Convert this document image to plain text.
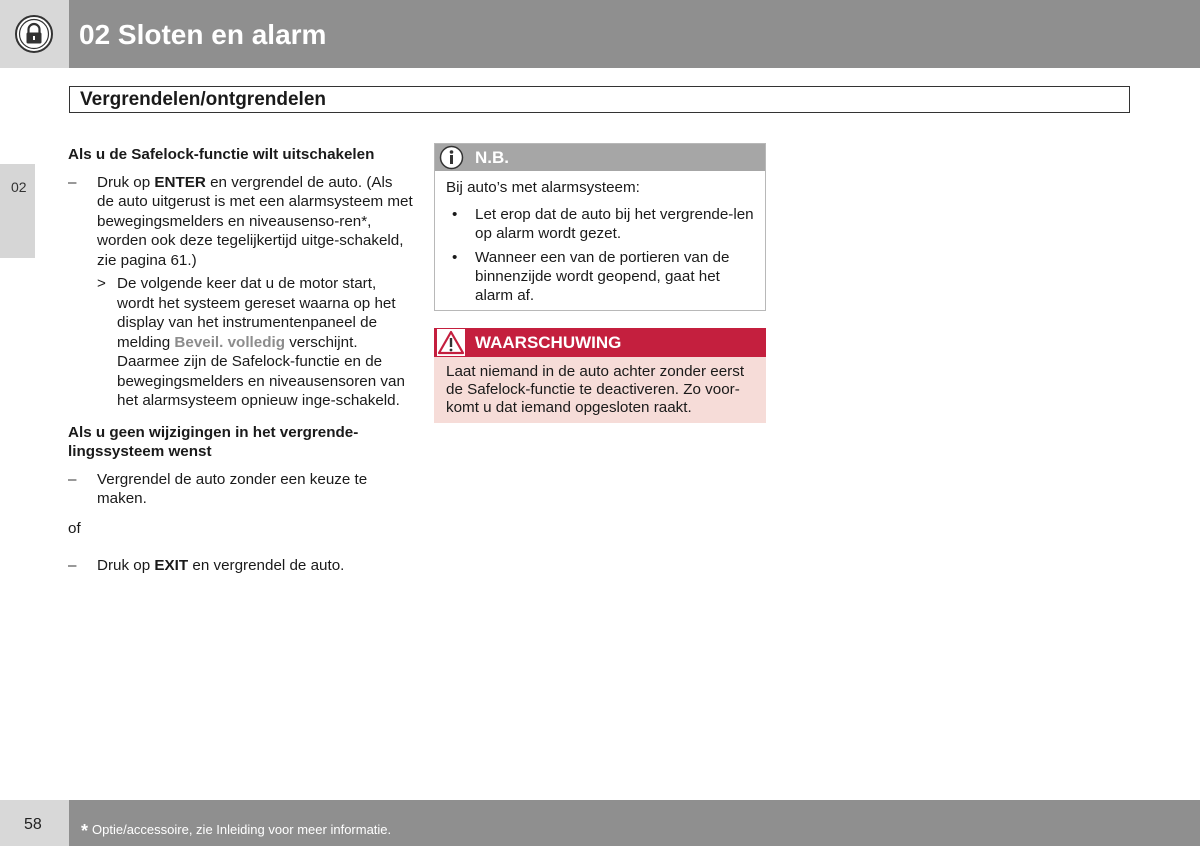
02 Sloten en alarm
Vergrendelen/ontgrendelen
02

Als u de Safelock-functie wilt uitschakelen

– Druk op ENTER en vergrendel de auto. (Als de auto uitgerust is met een alarmsysteem met bewegingsmelders en niveausenso-ren*, worden ook deze tegelijkertijd uitge-schakeld, zie pagina 61.)

> De volgende keer dat u de motor start, wordt het systeem gereset waarna op het display van het instrumentenpaneel de melding Beveil. volledig verschijnt. Daarmee zijn de Safelock-functie en de bewegingsmelders en niveausensoren van het alarmsysteem opnieuw inge-schakeld.

Als u geen wijzigingen in het vergrende-lingssysteem wenst

– Vergrendel de auto zonder een keuze te maken.

of

– Druk op EXIT en vergrendel de auto.

N.B.

Bij auto’s met alarmsysteem:

• Let erop dat de auto bij het vergrende-len op alarm wordt gezet.

• Wanneer een van de portieren van de binnenzijde wordt geopend, gaat het alarm af.

WAARSCHUWING

Laat niemand in de auto achter zonder eerst de Safelock-functie te deactiveren. Zo voor-komt u dat iemand opgesloten raakt.

58 * Optie/accessoire, zie Inleiding voor meer informatie.
